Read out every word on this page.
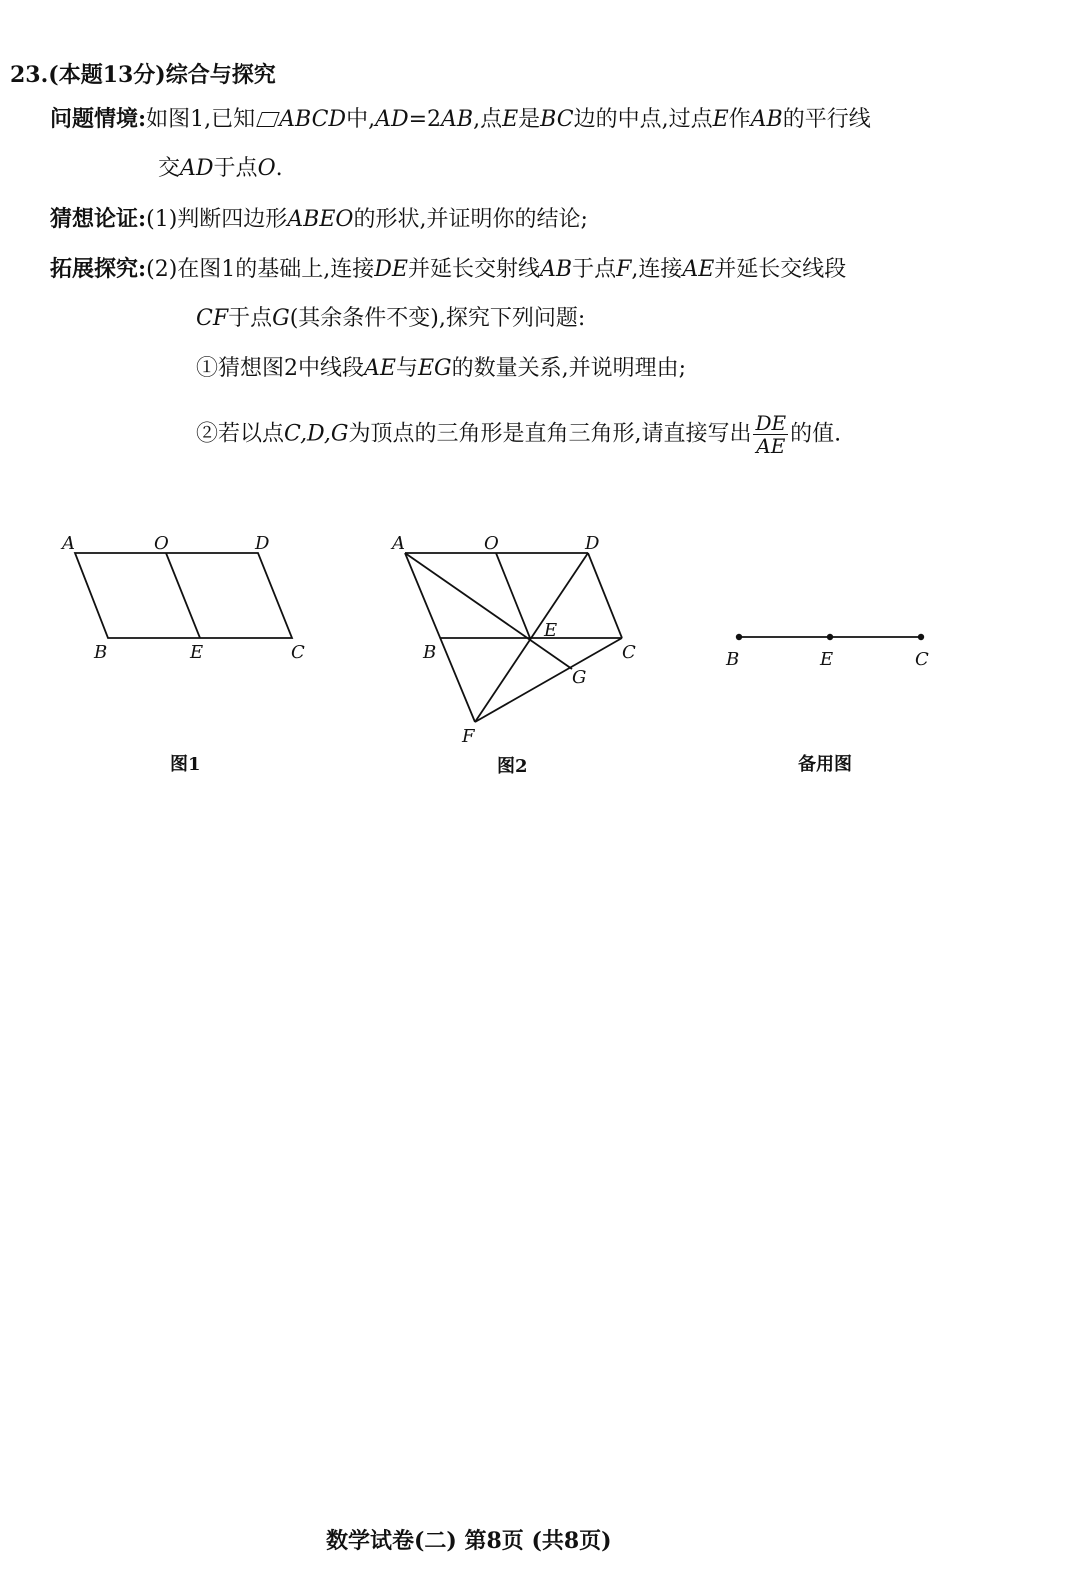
23.(本题13分)综合与探究
问题情境:如图1,已知 ABCD中,AD=2AB,点E是BC边的中点,过点E作AB的平行线
交AD于点O.
猜想论证:(1)判断四边形ABEO的形状,并证明你的结论;
拓展探究:(2)在图1的基础上,连接DE并延长交射线AB于点F,连接AE并延长交线段
CF于点G(其余条件不变),探究下列问题:
①猜想图2中线段AE与EG的数量关系,并说明理由;
②若以点C,D,G为顶点的三角形是直角三角形,请直接写出 $\frac{DE}{AE}$ 的值.
A	O	D
B	E	C
A	O	D
B
E
C
G
F
B	E	C
图1	图2	备用图
数学试卷(二) 第8页 (共8页)
